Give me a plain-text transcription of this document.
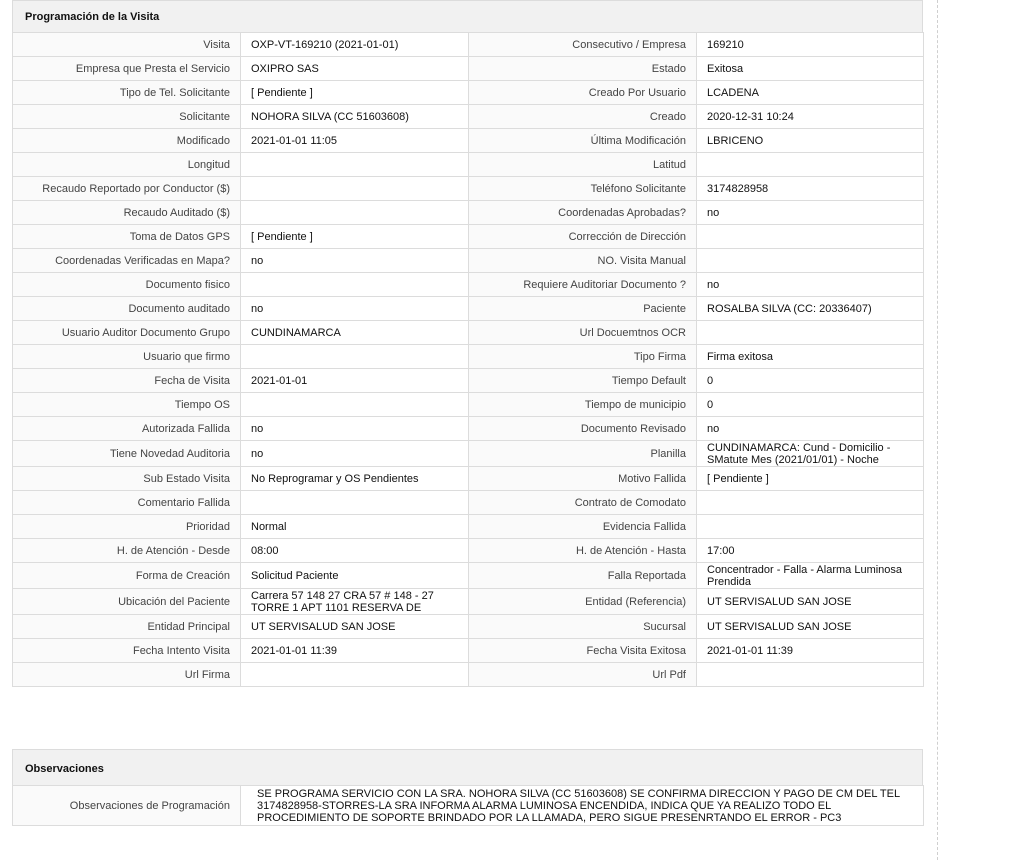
Programación de la Visita
Visita	OXP-VT-169210 (2021-01-01)	Consecutivo / Empresa	169210
Empresa que Presta el Servicio	OXIPRO SAS	Estado	Exitosa
Tipo de Tel. Solicitante	[ Pendiente ]	Creado Por Usuario	LCADENA
Solicitante	NOHORA SILVA (CC 51603608)	Creado	2020-12-31 10:24
Modificado	2021-01-01 11:05	Última Modificación	LBRICENO
Longitud		Latitud	
Recaudo Reportado por Conductor ($)		Teléfono Solicitante	3174828958
Recaudo Auditado ($)		Coordenadas Aprobadas?	no
Toma de Datos GPS	[ Pendiente ]	Corrección de Dirección	
Coordenadas Verificadas en Mapa?	no	NO. Visita Manual	
Documento fisico		Requiere Auditoriar Documento ?	no
Documento auditado	no	Paciente	ROSALBA SILVA (CC: 20336407)
Usuario Auditor Documento Grupo	CUNDINAMARCA	Url Docuemtnos OCR	
Usuario que firmo		Tipo Firma	Firma exitosa
Fecha de Visita	2021-01-01	Tiempo Default	0
Tiempo OS		Tiempo de municipio	0
Autorizada Fallida	no	Documento Revisado	no
Tiene Novedad Auditoria	no	Planilla	CUNDINAMARCA: Cund - Domicilio - SMatute Mes (2021/01/01) - Noche
Sub Estado Visita	No Reprogramar y OS Pendientes	Motivo Fallida	[ Pendiente ]
Comentario Fallida		Contrato de Comodato	
Prioridad	Normal	Evidencia Fallida	
H. de Atención - Desde	08:00	H. de Atención - Hasta	17:00
Forma de Creación	Solicitud Paciente	Falla Reportada	Concentrador - Falla - Alarma Luminosa Prendida
Ubicación del Paciente	Carrera 57 148 27 CRA 57 # 148 - 27 TORRE 1 APT 1101 RESERVA DE	Entidad (Referencia)	UT SERVISALUD SAN JOSE
Entidad Principal	UT SERVISALUD SAN JOSE	Sucursal	UT SERVISALUD SAN JOSE
Fecha Intento Visita	2021-01-01 11:39	Fecha Visita Exitosa	2021-01-01 11:39
Url Firma		Url Pdf	
Observaciones
Observaciones de Programación	SE PROGRAMA SERVICIO CON LA SRA. NOHORA SILVA (CC 51603608) SE CONFIRMA DIRECCION Y PAGO DE CM DEL TEL 3174828958-STORRES-LA SRA INFORMA ALARMA LUMINOSA ENCENDIDA, INDICA QUE YA REALIZO TODO EL PROCEDIMIENTO DE SOPORTE BRINDADO POR LA LLAMADA, PERO SIGUE PRESENRTANDO EL ERROR - PC3
